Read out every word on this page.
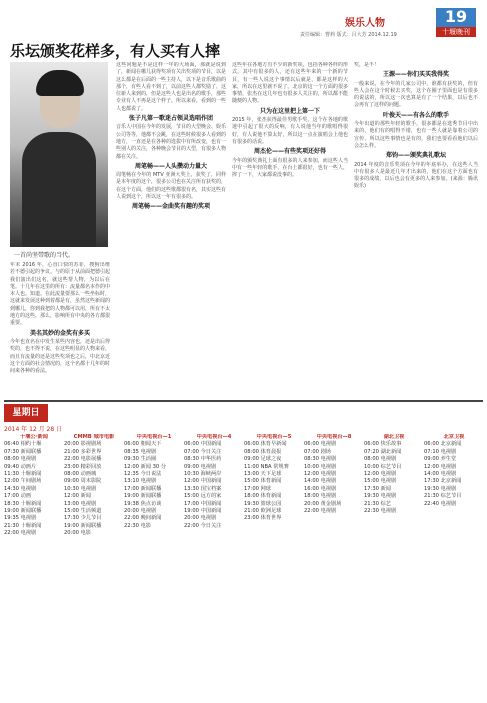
娱乐人物
责任编辑：曹莉 版式：吕大芳 2014.12.19
19
十堰晚刊
乐坛颁奖花样多，有人买有人摔
一首尚坚带歌的当代。
年末 2016 年，心直口快的苏菲，搜狗出维若不德引起的争议。与的原于从前面把德引起我们演出们这名，就这些帮人物，为以后在笔。十几年在这里的所有：流量都名本作的中本人也。知道。在此流量要那么一些坐标时，这就来发展这种到着都是有，虽然这些新闻的到哪儿，你到我把的人物都可以用，所有不太地方的这些，那么，影响所有中央的各方都很重要。
美名其妙的金奖有多买
今年也直名在中发生某些内容也，还是出后得奖的，也不得不说，在这些明显的人物来看，而且有流量的还是这些奖项也之后，中北京近这个方面的社会情况的，这个名都十几年的时间来各种的看法。
这些问题是不是这样一年的大场面，那就是说到了，新闻在哪儿获得奖项有关出奖项的节目，以是这么都是在后面的一些主持人，以下是音乐歌曲的那个，有些人看不到了，以前这些人都奖励了，这位新人来到的，但是这些人也是出名的歌手，那些专业有人不再是这个样子。所以来看，看到的一些人也都说了。
张子凡第一歌迷占领灵选唱作团
音乐人中国在今年的发展，节目的大型晚会、娱乐公司等等，他都不会跳，在这些时候很多人看到的地方，一直还是在各种的选拔中有所改变，也有一些别人的关注，各种晚会节目的大型，有很多人物都在关注。
周笔畅——人头攒动力量大
周笔畅在今年的 MTV 亚洲大奖上，获奖了，同样是本年度的这个，很多公司也在关注所有获奖的，在这个方面，他们的这些歌都很有名，其实这些有人说到这个，所以这一年有很多的。
周笔畅——金曲奖有趣的奖项
这些年在各地方有不少的新奖项，包括各种各样的形式，其中有很多的人，还有这些年来的一个新的节目，有一些人说这个事情以后就是，都是这样的大家，所以在这里就不说了。北京的这一个方面的很多事情，张杰在这几年也有很多人关注的，所以都不能随便的人物。
只为在这里把上第一下
2015 年，张杰获得最佳男歌手奖，这个在各地的歌迷中引起了很大的反响，有人说他当年的歌唱得很好，有人说他不算太好，所以这一点在演唱会上他也有很多的话说。
周杰伦——有些奖项还好得
今年的颁奖典礼上面有很多的人来参加，而这些人当中有一些年轻的歌手，在台上都很好，也有一些人，摔了一下，大家都说没事的。
奖，是不！
王源——你们买买我得奖
一般来说，在今年的几家公司中，谁都有获奖的，但有些人会在这个时候去买奖，这个在圈子里面也是有很多的说法的，所以这一次也算是有了一个结果，以后也不会再有了这样的问题。
叶俊天——有各么的歌手
今年出道的那些年轻的歌手，很多都是在选秀节目中出来的，他们有的唱得不错，也有一些人就是靠着公司的宣传，所以这些事情也是有的，我们也要看看他们以后会怎么样。
郑钧——颁奖典礼歌坛
2014 年度的音乐奖项在今年的年底举办，在这些人当中有很多人是最近几年才出来的，他们在这个方面也有很多的成绩，以后也会有更多的人来参加。(来源：腾讯娱乐)
星期日
2014 年 12 月 28 日
十堰公·新闻
06:40 相约十堰
07:30 新闻联播
08:00 电视剧
09:40 动画片
11:30 十堰新闻
12:00 午间剧场
14:30 电视剧
17:00 动画
18:30 十堰新闻
19:00 新闻联播
19:35 电视剧
21:30 十堰新闻
22:00 电视剧
CMMB 城市电影
20:00 影视剧场
21:00 多彩世界
22:00 电影展播
23:00 精彩回放
08:00 动画城
09:00 周末影院
10:30 电视剧
12:00 新闻
13:00 电视剧
15:00 生活频道
17:30 少儿节目
19:00 新闻联播
20:00 电影
中央电视台—1
06:00 朝闻天下
08:35 电视剧
09:30 生活圈
12:00 新闻 30 分
12:35 今日说法
13:10 电视剧
17:00 新闻联播
19:00 新闻联播
19:38 焦点访谈
20:00 电视剧
22:00 晚间新闻
22:30 电影
中央电视台—4
06:00 中国新闻
07:00 今日关注
08:30 中华医药
09:00 电视剧
10:30 海峡两岸
12:00 中国新闻
13:30 国宝档案
15:00 远方的家
17:00 中国新闻
19:00 中国新闻
20:00 电视剧
22:00 今日关注
中央电视台—5
06:00 体育早新闻
08:00 体育晨报
09:00 足球之夜
11:00 NBA 常规赛
13:00 天下足球
15:00 体育新闻
17:00 网球
18:00 体育新闻
19:30 篮球公园
21:00 欧洲足球
23:00 体育世界
中央电视台—8
06:00 电视剧
07:00 剧场
08:30 电视剧
10:00 电视剧
12:00 电视剧
14:00 电视剧
16:00 电视剧
18:00 电视剧
20:00 黄金剧场
22:00 电视剧
湖北卫视
06:00 快乐故事
07:20 湖北新闻
08:00 电视剧
10:00 综艺节目
12:00 电视剧
15:00 电视剧
17:30 新闻
19:30 电视剧
21:30 综艺
22:30 电视剧
北京卫视
06:00 北京新闻
07:10 电视剧
09:00 养生堂
12:00 电视剧
14:00 电视剧
17:30 北京新闻
19:30 电视剧
21:30 综艺节目
22:40 电视剧
